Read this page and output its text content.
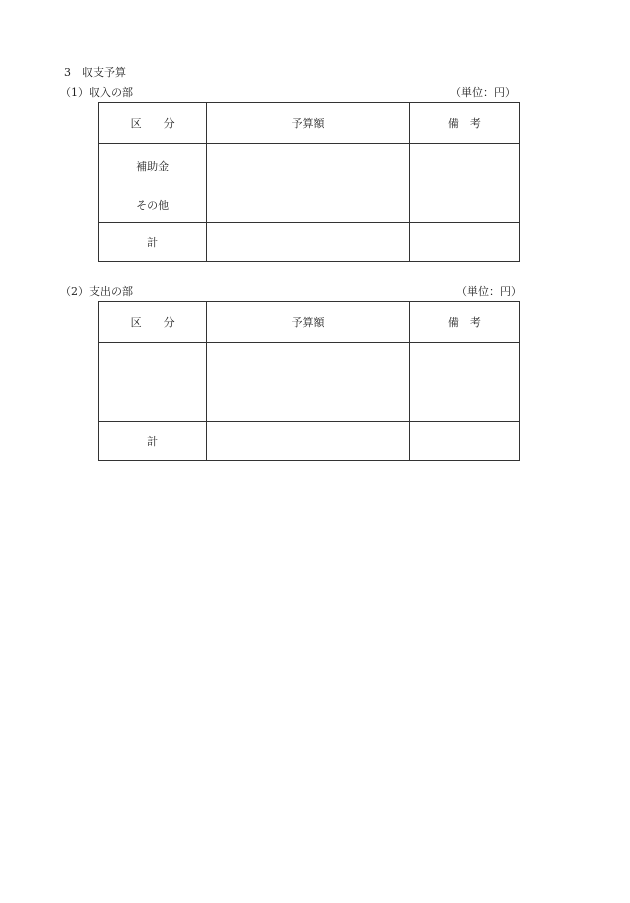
3　収支予算
（1）収入の部	（単位：円）
区　　分	予算額	備　考

補助金
その他		

計		
（2）支出の部	（単位：円）
区　　分	予算額	備　考

計		
